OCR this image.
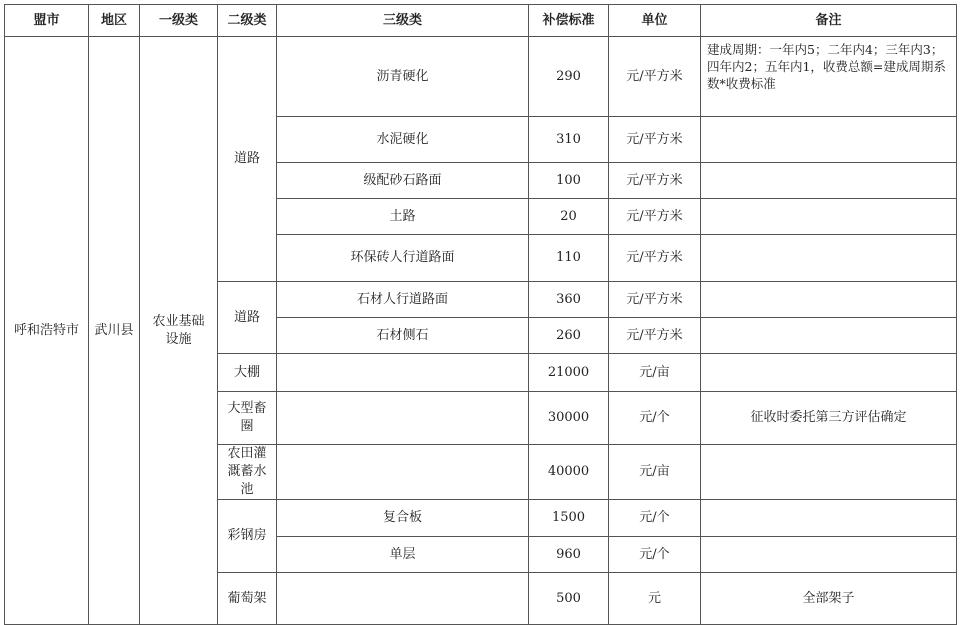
盟市	地区	一级类	二级类	三级类	补偿标准	单位	备注
呼和浩特市	武川县	农业基础设施	道路	沥青硬化	290	元/平方米	建成周期：一年内5；二年内4；三年内3；四年内2；五年内1，收费总额=建成周期系数*收费标准
				水泥硬化	310	元/平方米	
				级配砂石路面	100	元/平方米	
				土路	20	元/平方米	
				环保砖人行道路面	110	元/平方米	
			道路	石材人行道路面	360	元/平方米	
				石材侧石	260	元/平方米	
			大棚		21000	元/亩	
			大型畜圈		30000	元/个	征收时委托第三方评估确定
			农田灌溉蓄水池		40000	元/亩	
			彩钢房	复合板	1500	元/个	
				单层	960	元/个	
			葡萄架		500	元	全部架子
